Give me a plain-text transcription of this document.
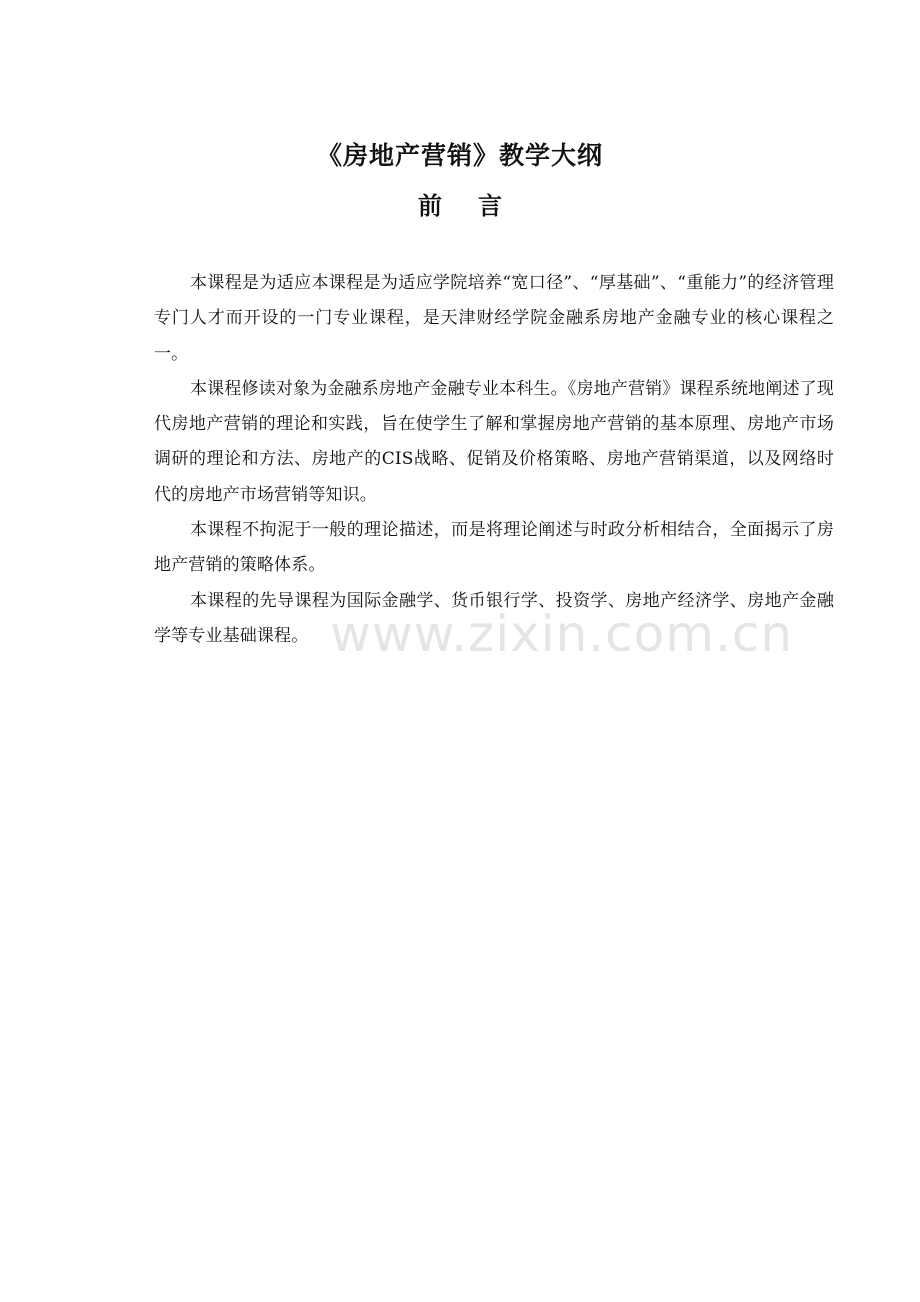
《房地产营销》教学大纲
前言

本课程是为适应本课程是为适应学院培养“宽口径”、“厚基础”、“重能力”的经济管理专门人才而开设的一门专业课程，是天津财经学院金融系房地产金融专业的核心课程之一。

本课程修读对象为金融系房地产金融专业本科生。《房地产营销》课程系统地阐述了现代房地产营销的理论和实践，旨在使学生了解和掌握房地产营销的基本原理、房地产市场调研的理论和方法、房地产的CIS战略、促销及价格策略、房地产营销渠道，以及网络时代的房地产市场营销等知识。

本课程不拘泥于一般的理论描述，而是将理论阐述与时政分析相结合，全面揭示了房地产营销的策略体系。

本课程的先导课程为国际金融学、货币银行学、投资学、房地产经济学、房地产金融学等专业基础课程。 www.zixin.com.cn
